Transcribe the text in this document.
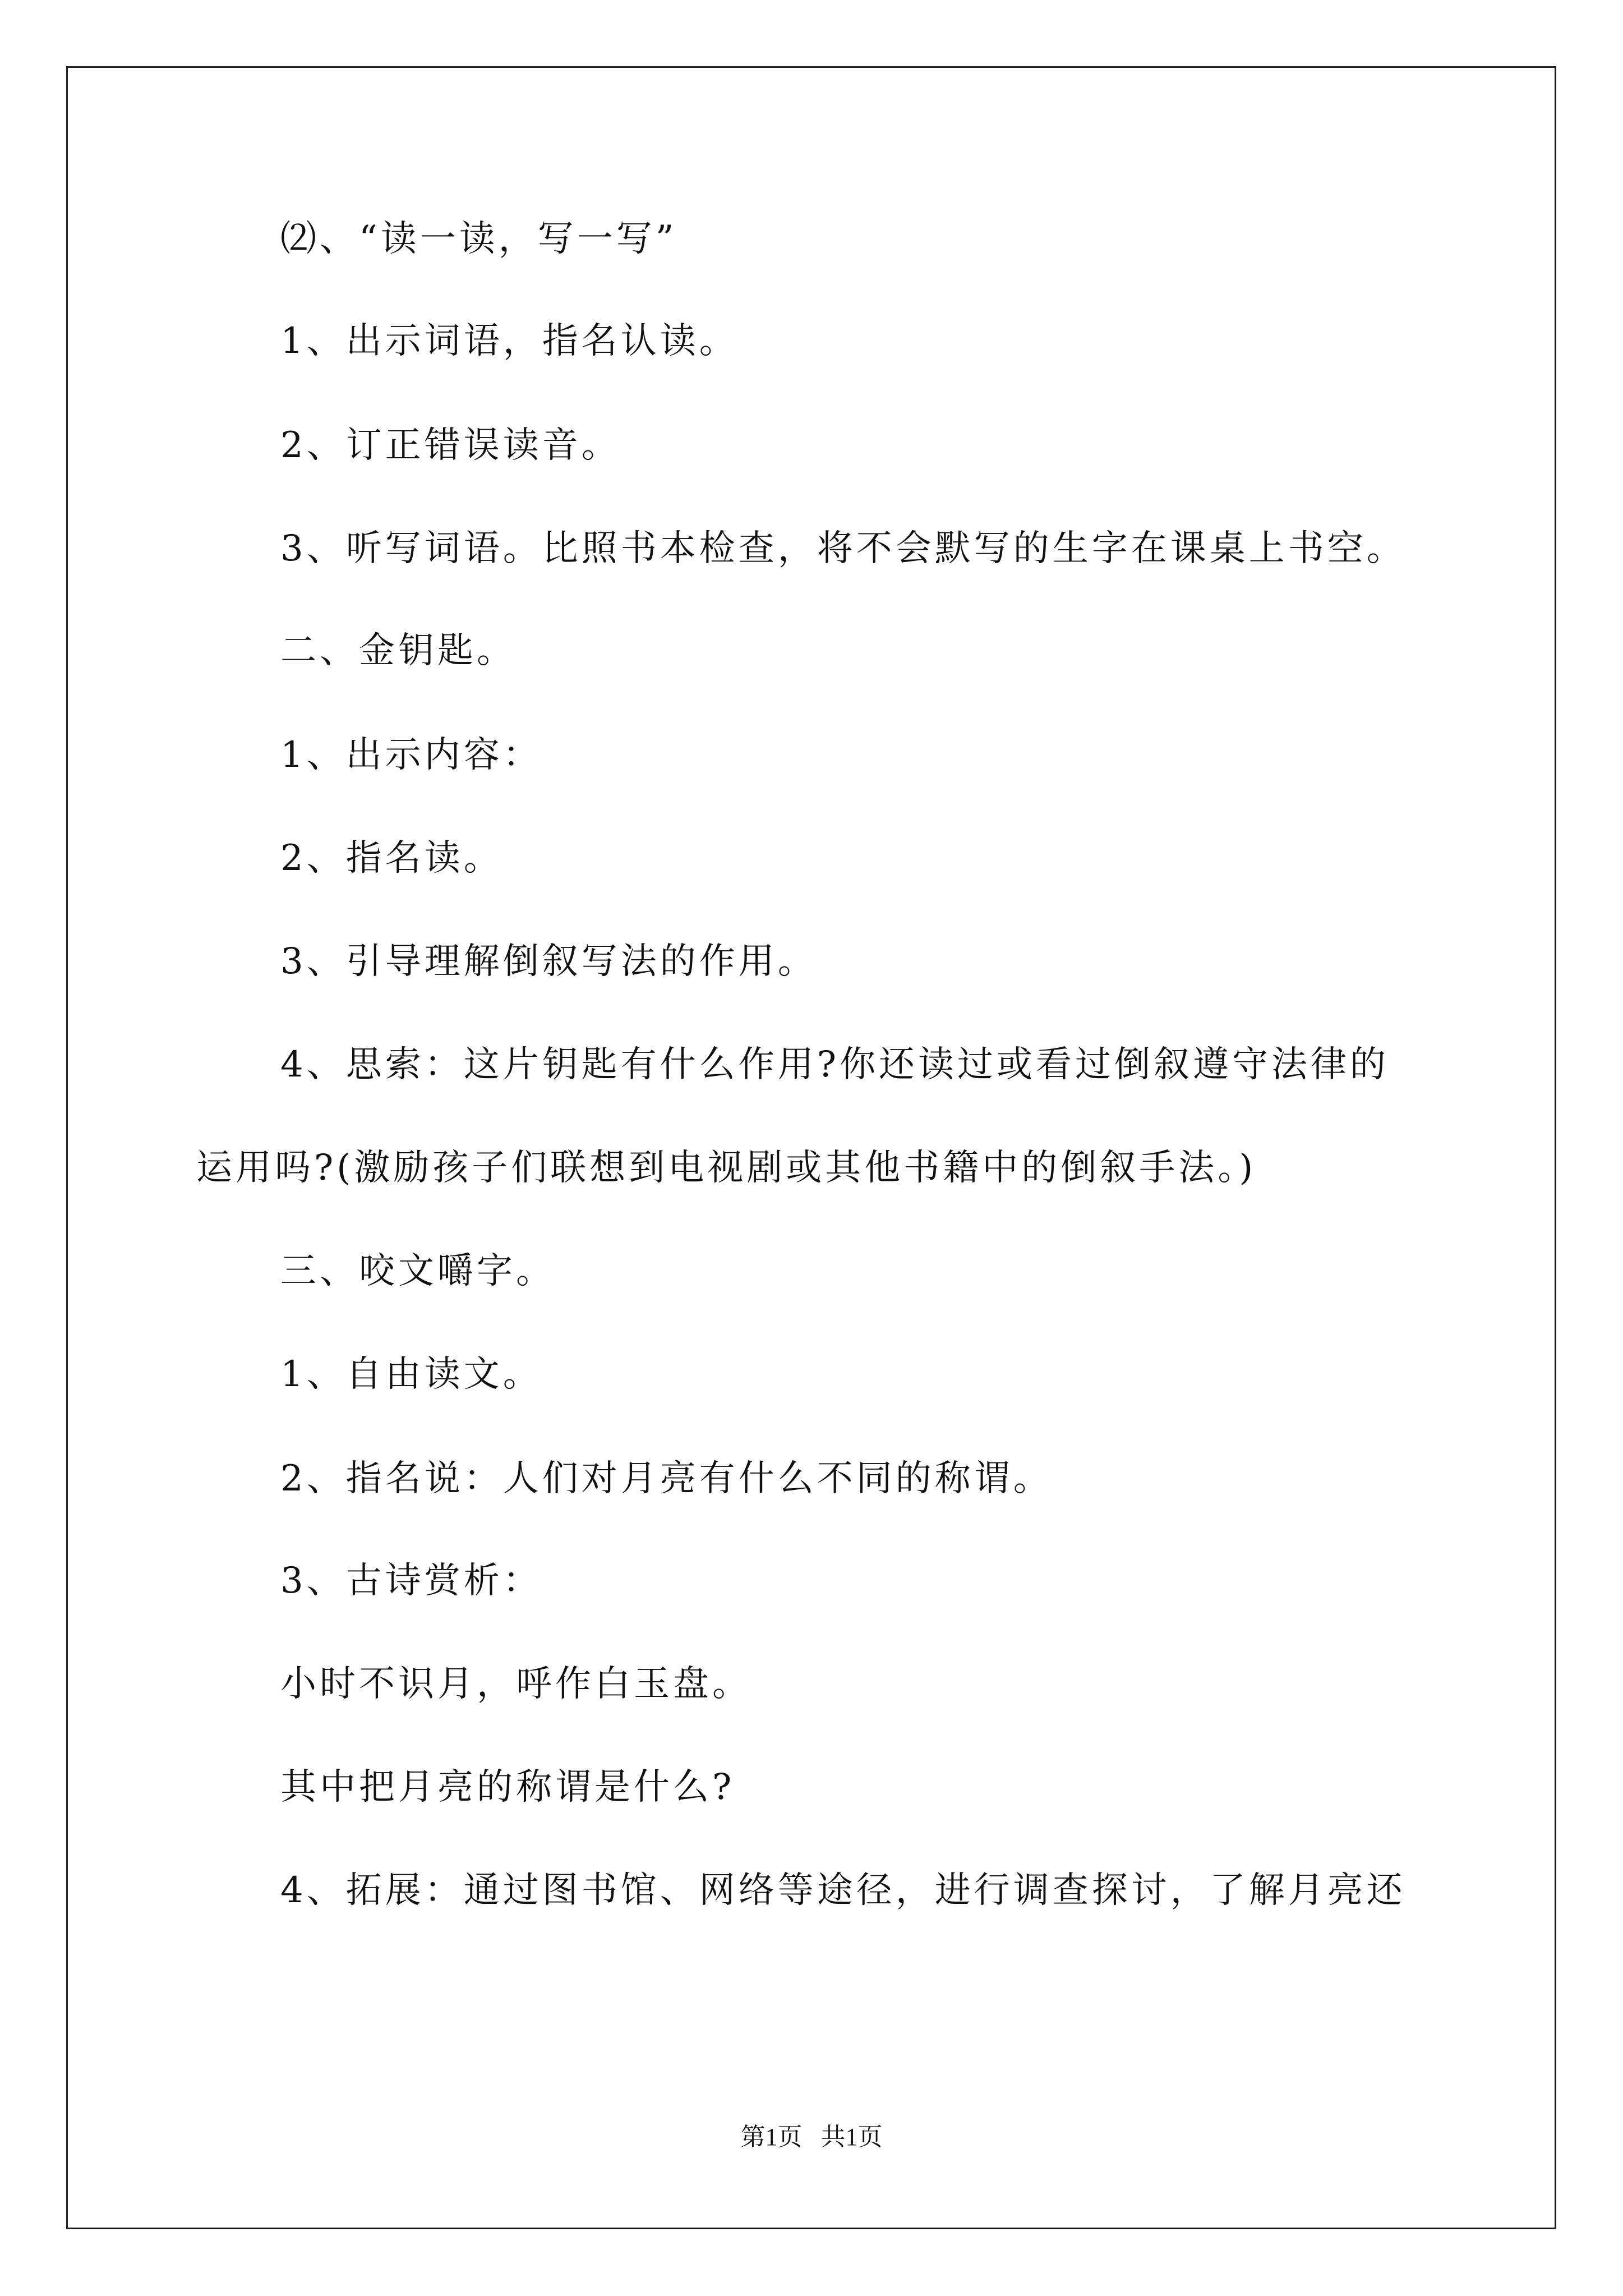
⑵、“读一读，写一写”
1、出示词语，指名认读。
2、订正错误读音。
3、听写词语。比照书本检查，将不会默写的生字在课桌上书空。
二、金钥匙。
1、出示内容：
2、指名读。
3、引导理解倒叙写法的作用。
4、思索：这片钥匙有什么作用?你还读过或看过倒叙遵守法律的
运用吗?(激励孩子们联想到电视剧或其他书籍中的倒叙手法。)
三、咬文嚼字。
1、自由读文。
2、指名说：人们对月亮有什么不同的称谓。
3、古诗赏析：
小时不识月，呼作白玉盘。
其中把月亮的称谓是什么?
4、拓展：通过图书馆、网络等途径，进行调查探讨，了解月亮还
第1页   共1页
